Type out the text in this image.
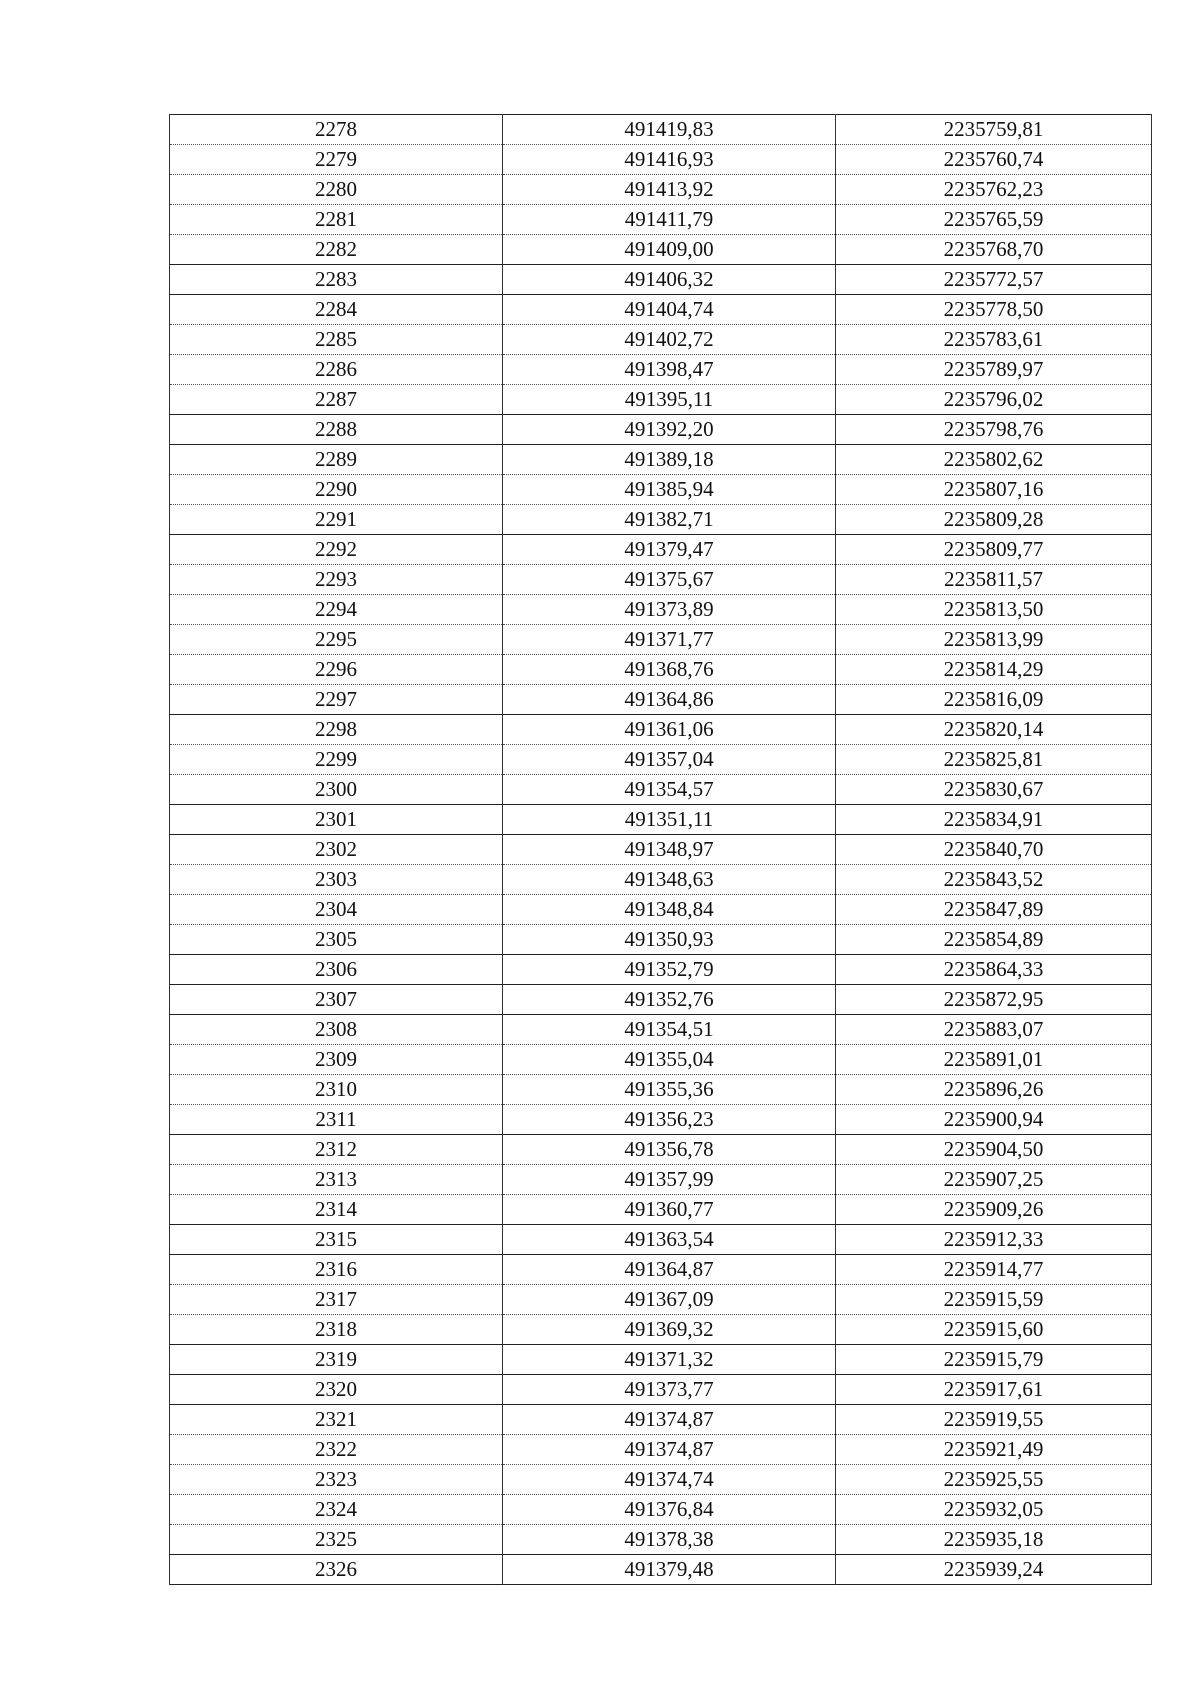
2278	491419,83	2235759,81
2279	491416,93	2235760,74
2280	491413,92	2235762,23
2281	491411,79	2235765,59
2282	491409,00	2235768,70
2283	491406,32	2235772,57
2284	491404,74	2235778,50
2285	491402,72	2235783,61
2286	491398,47	2235789,97
2287	491395,11	2235796,02
2288	491392,20	2235798,76
2289	491389,18	2235802,62
2290	491385,94	2235807,16
2291	491382,71	2235809,28
2292	491379,47	2235809,77
2293	491375,67	2235811,57
2294	491373,89	2235813,50
2295	491371,77	2235813,99
2296	491368,76	2235814,29
2297	491364,86	2235816,09
2298	491361,06	2235820,14
2299	491357,04	2235825,81
2300	491354,57	2235830,67
2301	491351,11	2235834,91
2302	491348,97	2235840,70
2303	491348,63	2235843,52
2304	491348,84	2235847,89
2305	491350,93	2235854,89
2306	491352,79	2235864,33
2307	491352,76	2235872,95
2308	491354,51	2235883,07
2309	491355,04	2235891,01
2310	491355,36	2235896,26
2311	491356,23	2235900,94
2312	491356,78	2235904,50
2313	491357,99	2235907,25
2314	491360,77	2235909,26
2315	491363,54	2235912,33
2316	491364,87	2235914,77
2317	491367,09	2235915,59
2318	491369,32	2235915,60
2319	491371,32	2235915,79
2320	491373,77	2235917,61
2321	491374,87	2235919,55
2322	491374,87	2235921,49
2323	491374,74	2235925,55
2324	491376,84	2235932,05
2325	491378,38	2235935,18
2326	491379,48	2235939,24
